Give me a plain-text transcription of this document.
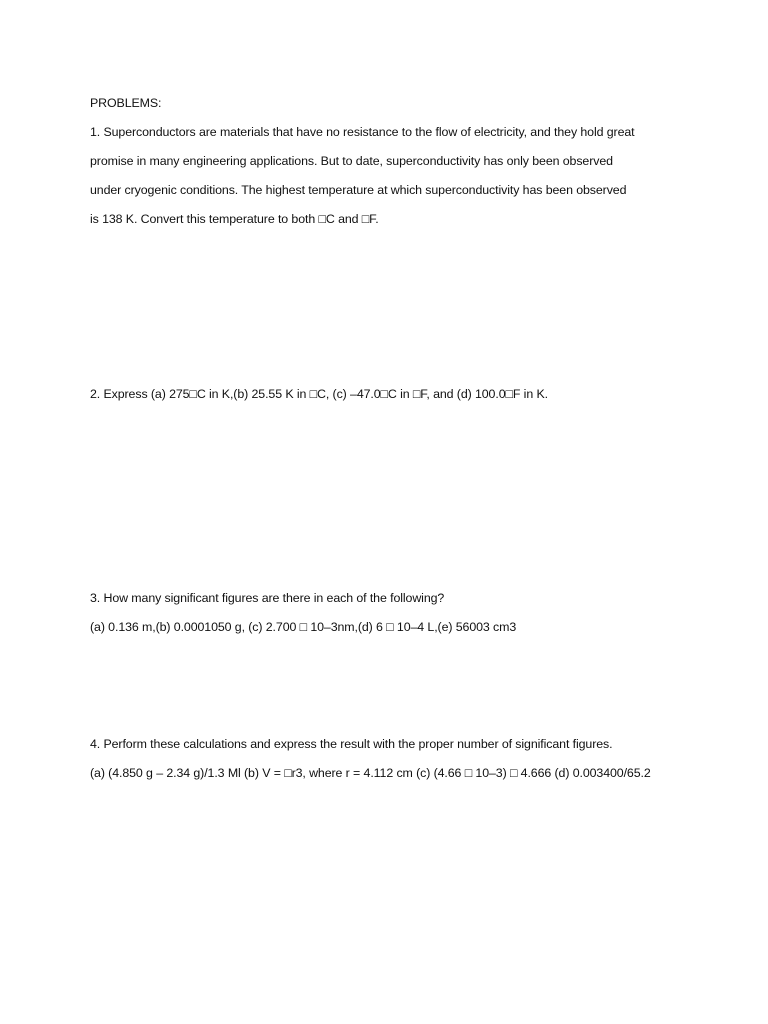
PROBLEMS:
1. Superconductors are materials that have no resistance to the flow of electricity, and they hold great
promise in many engineering applications. But to date, superconductivity has only been observed
under cryogenic conditions. The highest temperature at which superconductivity has been observed
is 138 K. Convert this temperature to both □C and □F.
2. Express (a) 275□C in K,(b) 25.55 K in □C, (c) –47.0□C in □F, and (d) 100.0□F in K.
3. How many significant figures are there in each of the following?
(a) 0.136 m,(b) 0.0001050 g, (c) 2.700 □ 10–3nm,(d) 6 □ 10–4 L,(e) 56003 cm3
4. Perform these calculations and express the result with the proper number of significant figures.
(a) (4.850 g – 2.34 g)/1.3 Ml (b) V = □r3, where r = 4.112 cm (c) (4.66 □ 10–3) □ 4.666 (d) 0.003400/65.2
